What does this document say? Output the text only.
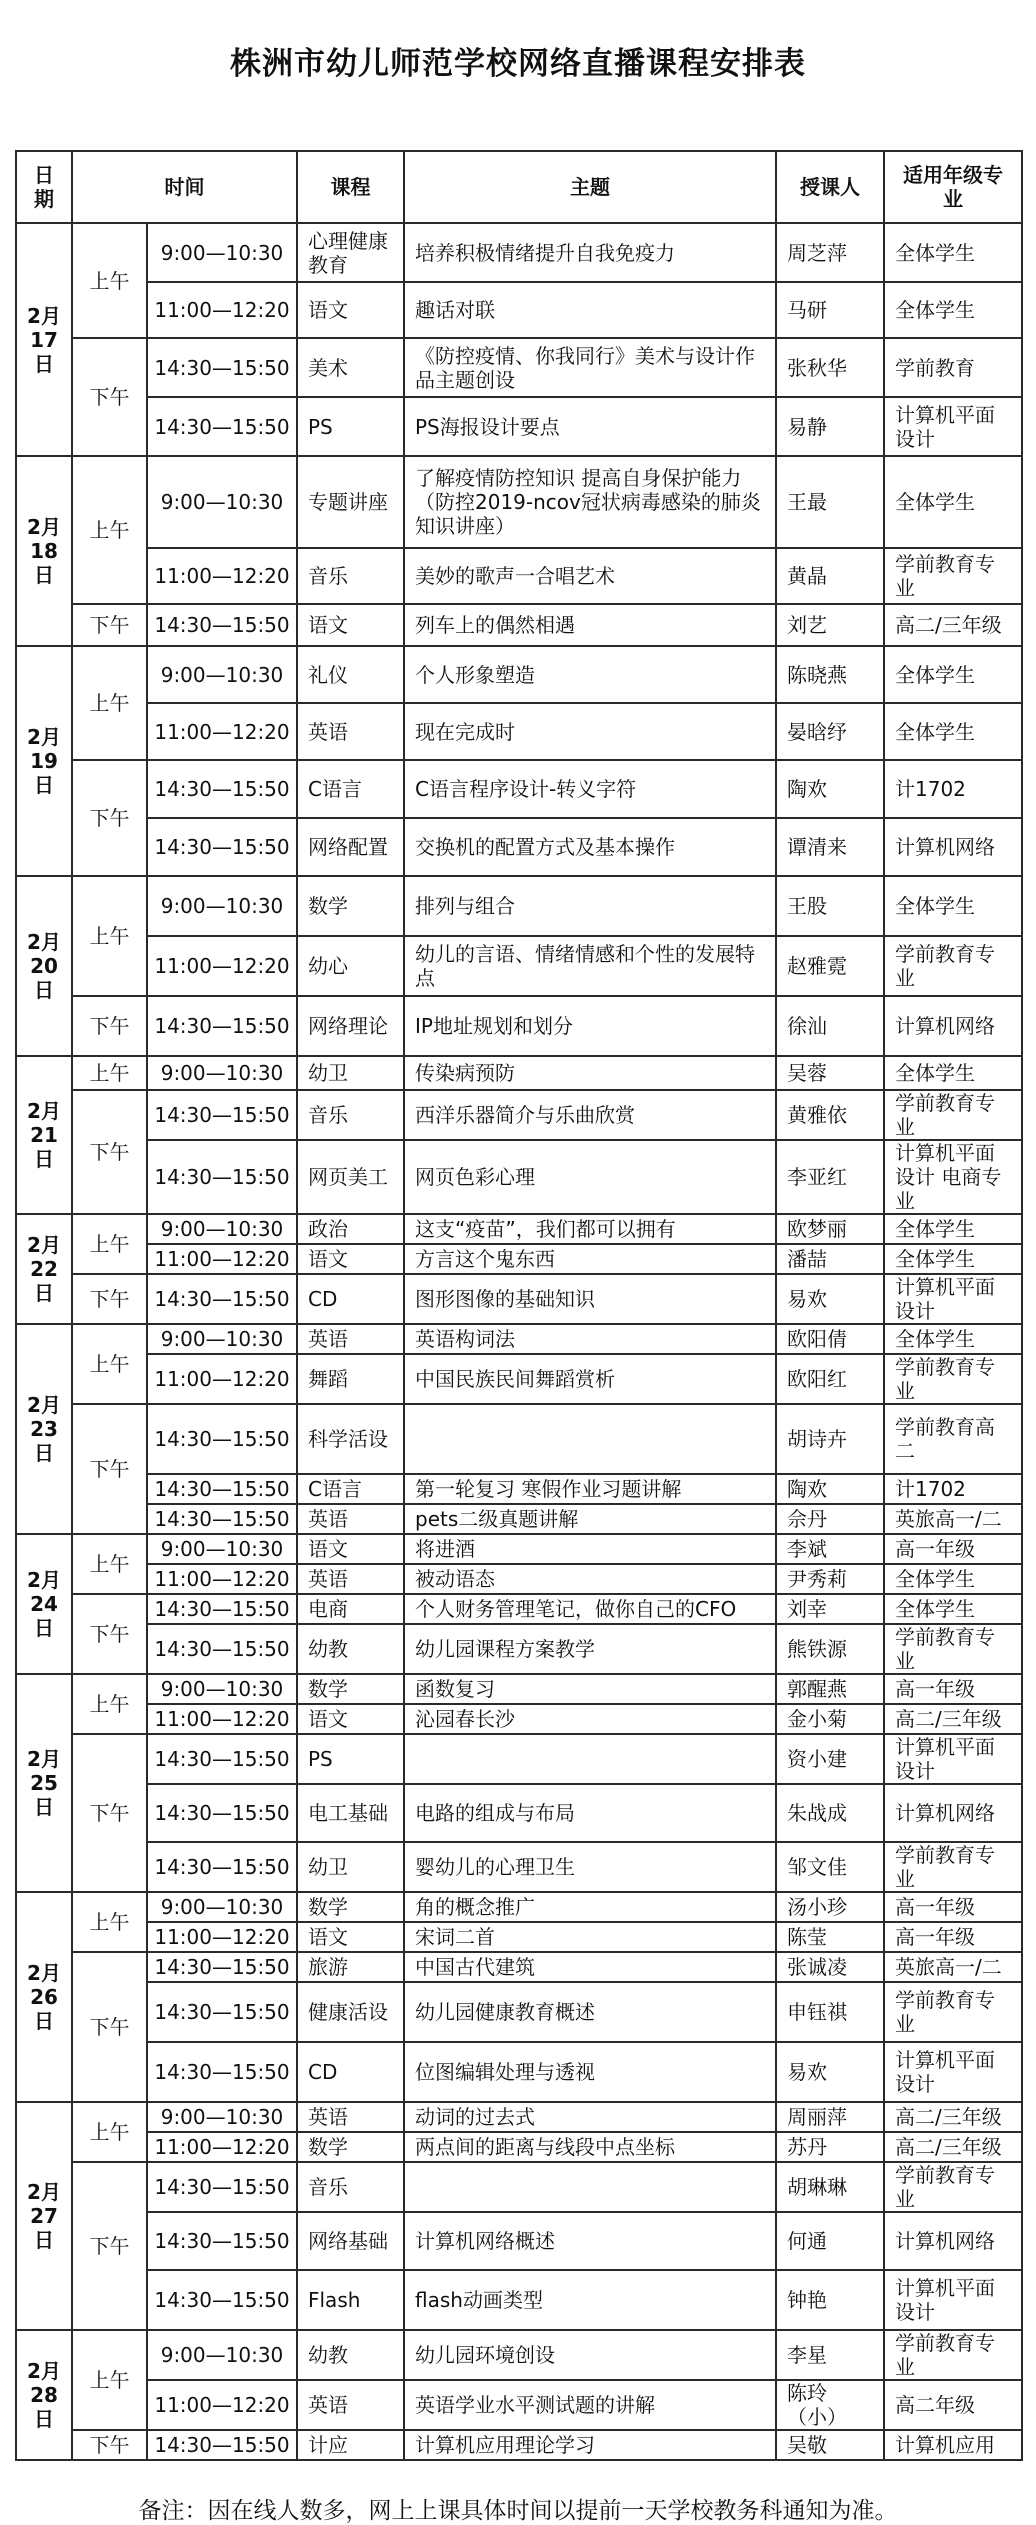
株洲市幼儿师范学校网络直播课程安排表
日期	时间		课程	主题	授课人	适用年级专业
2月17日	上午	9:00—10:30	心理健康教育	培养积极情绪提升自我免疫力	周芝萍	全体学生
		11:00—12:20	语文	趣话对联	马研	全体学生
	下午	14:30—15:50	美术	《防控疫情、你我同行》美术与设计作品主题创设	张秋华	学前教育
		14:30—15:50	PS	PS海报设计要点	易静	计算机平面设计
2月18日	上午	9:00—10:30	专题讲座	了解疫情防控知识 提高自身保护能力（防控2019-ncov冠状病毒感染的肺炎知识讲座）	王最	全体学生
		11:00—12:20	音乐	美妙的歌声一合唱艺术	黄晶	学前教育专业
	下午	14:30—15:50	语文	列车上的偶然相遇	刘艺	高二/三年级
2月19日	上午	9:00—10:30	礼仪	个人形象塑造	陈晓燕	全体学生
		11:00—12:20	英语	现在完成时	晏晗纾	全体学生
	下午	14:30—15:50	C语言	C语言程序设计-转义字符	陶欢	计1702
		14:30—15:50	网络配置	交换机的配置方式及基本操作	谭清来	计算机网络
2月20日	上午	9:00—10:30	数学	排列与组合	王股	全体学生
		11:00—12:20	幼心	幼儿的言语、情绪情感和个性的发展特点	赵雅霓	学前教育专业
	下午	14:30—15:50	网络理论	IP地址规划和划分	徐汕	计算机网络
2月21日	上午	9:00—10:30	幼卫	传染病预防	吴蓉	全体学生
	下午	14:30—15:50	音乐	西洋乐器简介与乐曲欣赏	黄雅依	学前教育专业
		14:30—15:50	网页美工	网页色彩心理	李亚红	计算机平面设计 电商专业
2月22日	上午	9:00—10:30	政治	这支“疫苗”，我们都可以拥有	欧梦丽	全体学生
		11:00—12:20	语文	方言这个鬼东西	潘喆	全体学生
	下午	14:30—15:50	CD	图形图像的基础知识	易欢	计算机平面设计
2月23日	上午	9:00—10:30	英语	英语构词法	欧阳倩	全体学生
		11:00—12:20	舞蹈	中国民族民间舞蹈赏析	欧阳红	学前教育专业
	下午	14:30—15:50	科学活设		胡诗卉	学前教育高二
		14:30—15:50	C语言	第一轮复习 寒假作业习题讲解	陶欢	计1702
		14:30—15:50	英语	pets二级真题讲解	佘丹	英旅高一/二
2月24日	上午	9:00—10:30	语文	将进酒	李斌	高一年级
		11:00—12:20	英语	被动语态	尹秀莉	全体学生
	下午	14:30—15:50	电商	个人财务管理笔记，做你自己的CFO	刘幸	全体学生
		14:30—15:50	幼教	幼儿园课程方案教学	熊铁源	学前教育专业
2月25日	上午	9:00—10:30	数学	函数复习	郭醒燕	高一年级
		11:00—12:20	语文	沁园春长沙	金小菊	高二/三年级
	下午	14:30—15:50	PS		资小建	计算机平面设计
		14:30—15:50	电工基础	电路的组成与布局	朱战成	计算机网络
		14:30—15:50	幼卫	婴幼儿的心理卫生	邹文佳	学前教育专业
2月26日	上午	9:00—10:30	数学	角的概念推广	汤小珍	高一年级
		11:00—12:20	语文	宋词二首	陈莹	高一年级
	下午	14:30—15:50	旅游	中国古代建筑	张诚凌	英旅高一/二
		14:30—15:50	健康活设	幼儿园健康教育概述	申钰祺	学前教育专业
		14:30—15:50	CD	位图编辑处理与透视	易欢	计算机平面设计
2月27日	上午	9:00—10:30	英语	动词的过去式	周丽萍	高二/三年级
		11:00—12:20	数学	两点间的距离与线段中点坐标	苏丹	高二/三年级
	下午	14:30—15:50	音乐		胡琳琳	学前教育专业
		14:30—15:50	网络基础	计算机网络概述	何通	计算机网络
		14:30—15:50	Flash	flash动画类型	钟艳	计算机平面设计
2月28日	上午	9:00—10:30	幼教	幼儿园环境创设	李星	学前教育专业
		11:00—12:20	英语	英语学业水平测试题的讲解	陈玲（小）	高二年级
	下午	14:30—15:50	计应	计算机应用理论学习	吴敬	计算机应用
备注：因在线人数多，网上上课具体时间以提前一天学校教务科通知为准。
